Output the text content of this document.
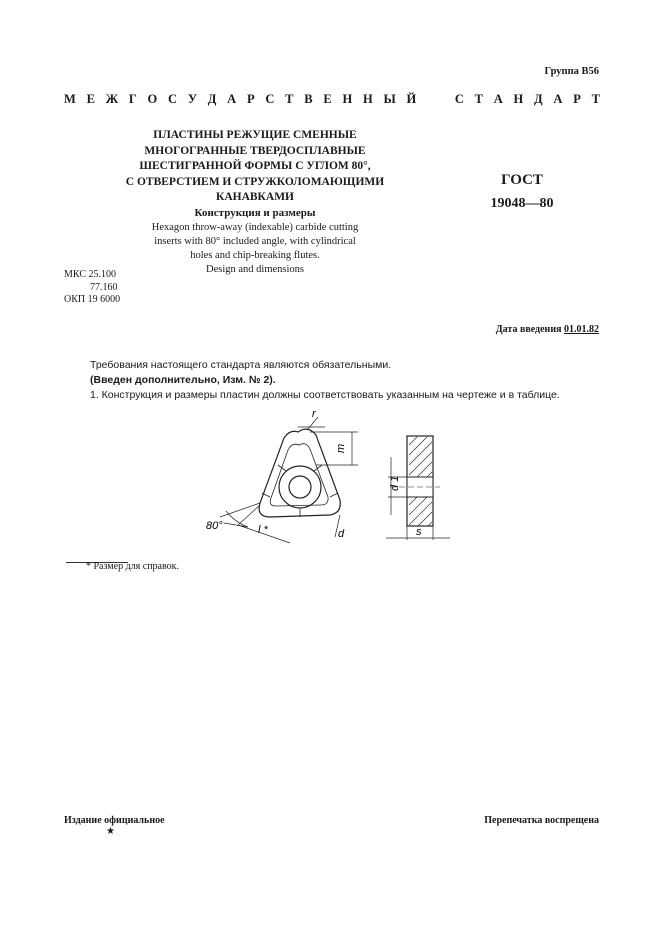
Группа В56
М Е Ж Г О С У Д А Р С Т В Е Н Н Ы Й

	С Т А Н Д А Р Т
ПЛАСТИНЫ РЕЖУЩИЕ СМЕННЫЕ
МНОГОГРАННЫЕ ТВЕРДОСПЛАВНЫЕ
ШЕСТИГРАННОЙ ФОРМЫ С УГЛОМ 80°,
С ОТВЕРСТИЕМ И СТРУЖКОЛОМАЮЩИМИ
КАНАВКАМИ
Конструкция и размеры
Hexagon throw-away (indexable) carbide cutting
inserts with 80° included angle, with cylindrical
holes and chip-breaking flutes.
Design and dimensions
ГОСТ
19048—80
МКС 25.100
77.160
ОКП 19 6000
Дата введения 01.01.82
Требования настоящего стандарта являются обязательными.
(Введен дополнительно, Изм. № 2).
1. Конструкция и размеры пластин должны соответствовать указанным на чертеже и в таблице.
r
m
80°	l *	d
d 1
s
* Размер для справок.
Издание официальное
★
Перепечатка воспрещена
